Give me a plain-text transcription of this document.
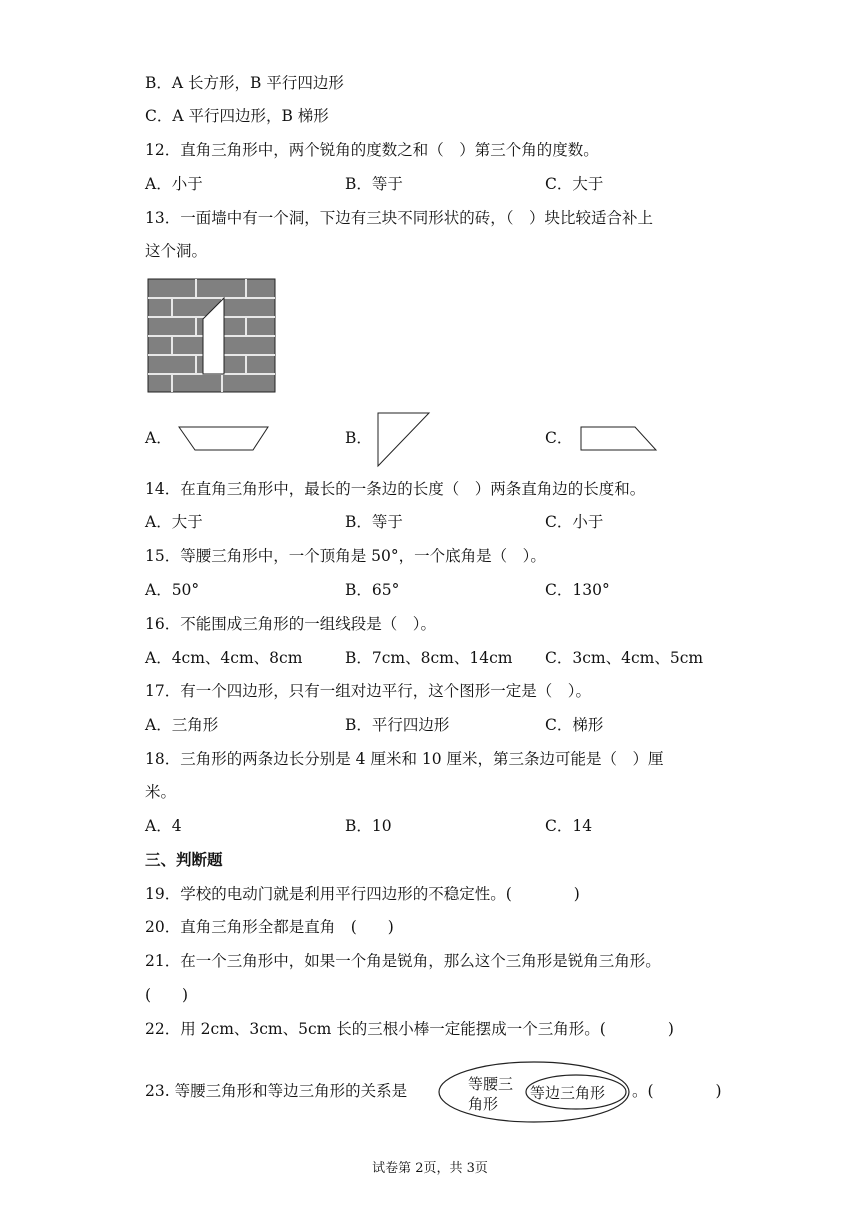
B．A 长方形，B 平行四边形
C．A 平行四边形，B 梯形
12．直角三角形中，两个锐角的度数之和（　）第三个角的度数。
A．小于	B．等于	C．大于
13．一面墙中有一个洞，下边有三块不同形状的砖，（　）块比较适合补上
这个洞。
A．	B．	C．
14．在直角三角形中，最长的一条边的长度（　）两条直角边的长度和。
A．大于	B．等于	C．小于
15．等腰三角形中，一个顶角是 50°，一个底角是（　）。
A．50°	B．65°	C．130°
16．不能围成三角形的一组线段是（　）。
A．4cm、4cm、8cm	B．7cm、8cm、14cm C．3cm、4cm、5cm
17．有一个四边形，只有一组对边平行，这个图形一定是（　）。
A．三角形	B．平行四边形	C．梯形
18．三角形的两条边长分别是 4 厘米和 10 厘米，第三条边可能是（　）厘
米。
A．4	B．10	C．14
三、判断题
19．学校的电动门就是利用平行四边形的不稳定性。(　　　　)
20．直角三角形全都是直角　(　　)
21．在一个三角形中，如果一个角是锐角，那么这个三角形是锐角三角形。
(　　)
22．用 2cm、3cm、5cm 长的三根小棒一定能摆成一个三角形。(　　　　)
23. 等腰三角形和等边三角形的关系是	等腰三
角形
等边三角形 。(　　　　)
试卷第 2页，共 3页
